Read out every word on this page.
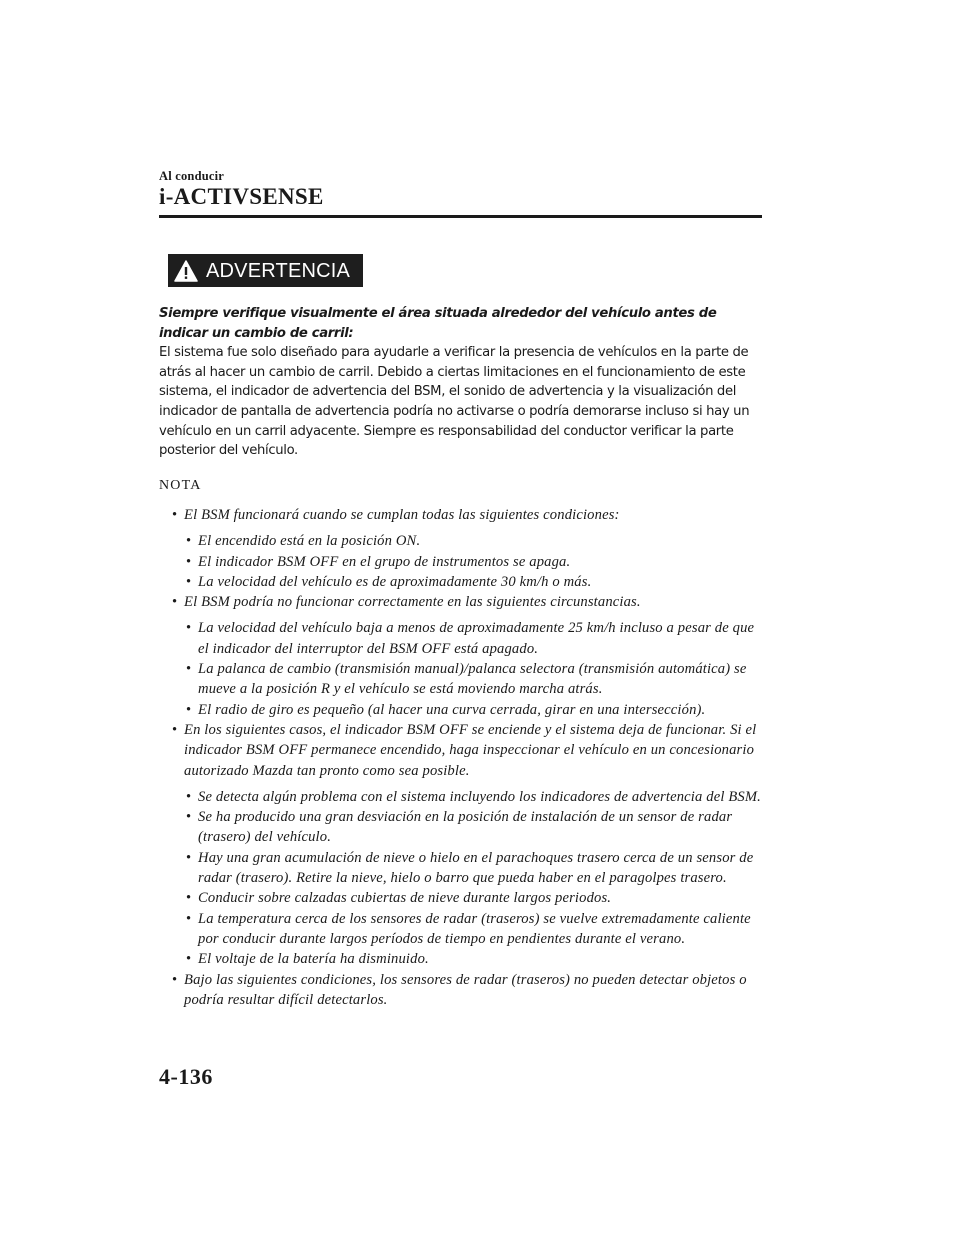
Al conducir
i-ACTIVSENSE
ADVERTENCIA

Siempre verifique visualmente el área situada alrededor del vehículo antes de indicar un cambio de carril:

El sistema fue solo diseñado para ayudarle a verificar la presencia de vehículos en la parte de atrás al hacer un cambio de carril. Debido a ciertas limitaciones en el funcionamiento de este sistema, el indicador de advertencia del BSM, el sonido de advertencia y la visualización del indicador de pantalla de advertencia podría no activarse o podría demorarse incluso si hay un vehículo en un carril adyacente. Siempre es responsabilidad del conductor verificar la parte posterior del vehículo.

NOTA

• El BSM funcionará cuando se cumplan todas las siguientes condiciones:

• El encendido está en la posición ON.

• El indicador BSM OFF en el grupo de instrumentos se apaga.

• La velocidad del vehículo es de aproximadamente 30 km/h o más.

• El BSM podría no funcionar correctamente en las siguientes circunstancias.

• La velocidad del vehículo baja a menos de aproximadamente 25 km/h incluso a pesar de que el indicador del interruptor del BSM OFF está apagado.

• La palanca de cambio (transmisión manual)/palanca selectora (transmisión automática) se mueve a la posición R y el vehículo se está moviendo marcha atrás.

• El radio de giro es pequeño (al hacer una curva cerrada, girar en una intersección).

• En los siguientes casos, el indicador BSM OFF se enciende y el sistema deja de funcionar. Si el indicador BSM OFF permanece encendido, haga inspeccionar el vehículo en un concesionario autorizado Mazda tan pronto como sea posible.

• Se detecta algún problema con el sistema incluyendo los indicadores de advertencia del BSM.

• Se ha producido una gran desviación en la posición de instalación de un sensor de radar (trasero) del vehículo.

• Hay una gran acumulación de nieve o hielo en el parachoques trasero cerca de un sensor de radar (trasero). Retire la nieve, hielo o barro que pueda haber en el paragolpes trasero.

• Conducir sobre calzadas cubiertas de nieve durante largos periodos.

• La temperatura cerca de los sensores de radar (traseros) se vuelve extremadamente caliente por conducir durante largos períodos de tiempo en pendientes durante el verano.

• El voltaje de la batería ha disminuido.

• Bajo las siguientes condiciones, los sensores de radar (traseros) no pueden detectar objetos o podría resultar difícil detectarlos.

4-136
